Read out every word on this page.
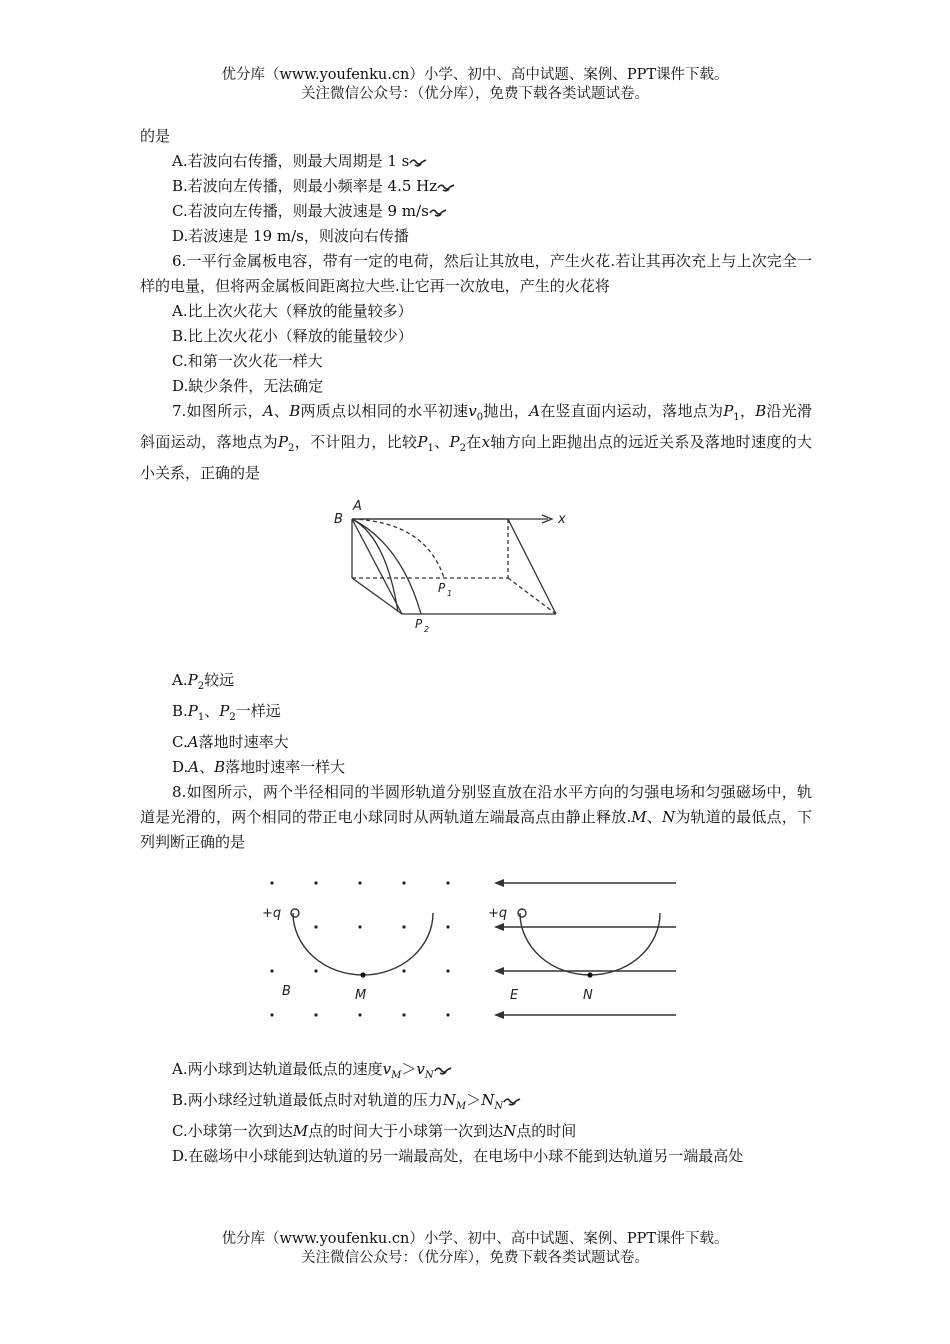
优分库（www.youfenku.cn）小学、初中、高中试题、案例、PPT课件下载。
关注微信公众号：（优分库），免费下载各类试题试卷。
的是
A.若波向右传播，则最大周期是 1 s
B.若波向左传播，则最小频率是 4.5 Hz
C.若波向左传播，则最大波速是 9 m/s
D.若波速是 19 m/s，则波向右传播
6.一平行金属板电容，带有一定的电荷，然后让其放电，产生火花.若让其再次充上与上次完全一样的电量，但将两金属板间距离拉大些.让它再一次放电，产生的火花将
A.比上次火花大（释放的能量较多）
B.比上次火花小（释放的能量较少）
C.和第一次火花一样大
D.缺少条件，无法确定
7.如图所示，A、B两质点以相同的水平初速$v_0$抛出，A在竖直面内运动，落地点为$P_1$，B沿光滑斜面运动，落地点为$P_2$，不计阻力，比较$P_1$、$P_2$在x轴方向上距抛出点的远近关系及落地时速度的大小关系，正确的是
B
A
x
P 1
P 2
$A.P_2$较远
$B.P_1$、$P_2$一样远
C.A落地时速率大
D.A、B落地时速率一样大
8.如图所示，两个半径相同的半圆形轨道分别竖直放在沿水平方向的匀强电场和匀强磁场中，轨道是光滑的，两个相同的带正电小球同时从两轨道左端最高点由静止释放.M、N为轨道的最低点，下列判断正确的是
+q	+q
B	M	E	N
A.两小球到达轨道最低点的速度$v_M>v_N$
B.两小球经过轨道最低点时对轨道的压力$N_M>N_N$
C.小球第一次到达M点的时间大于小球第一次到达N点的时间
D.在磁场中小球能到达轨道的另一端最高处，在电场中小球不能到达轨道另一端最高处
优分库（www.youfenku.cn）小学、初中、高中试题、案例、PPT课件下载。
关注微信公众号：（优分库），免费下载各类试题试卷。
